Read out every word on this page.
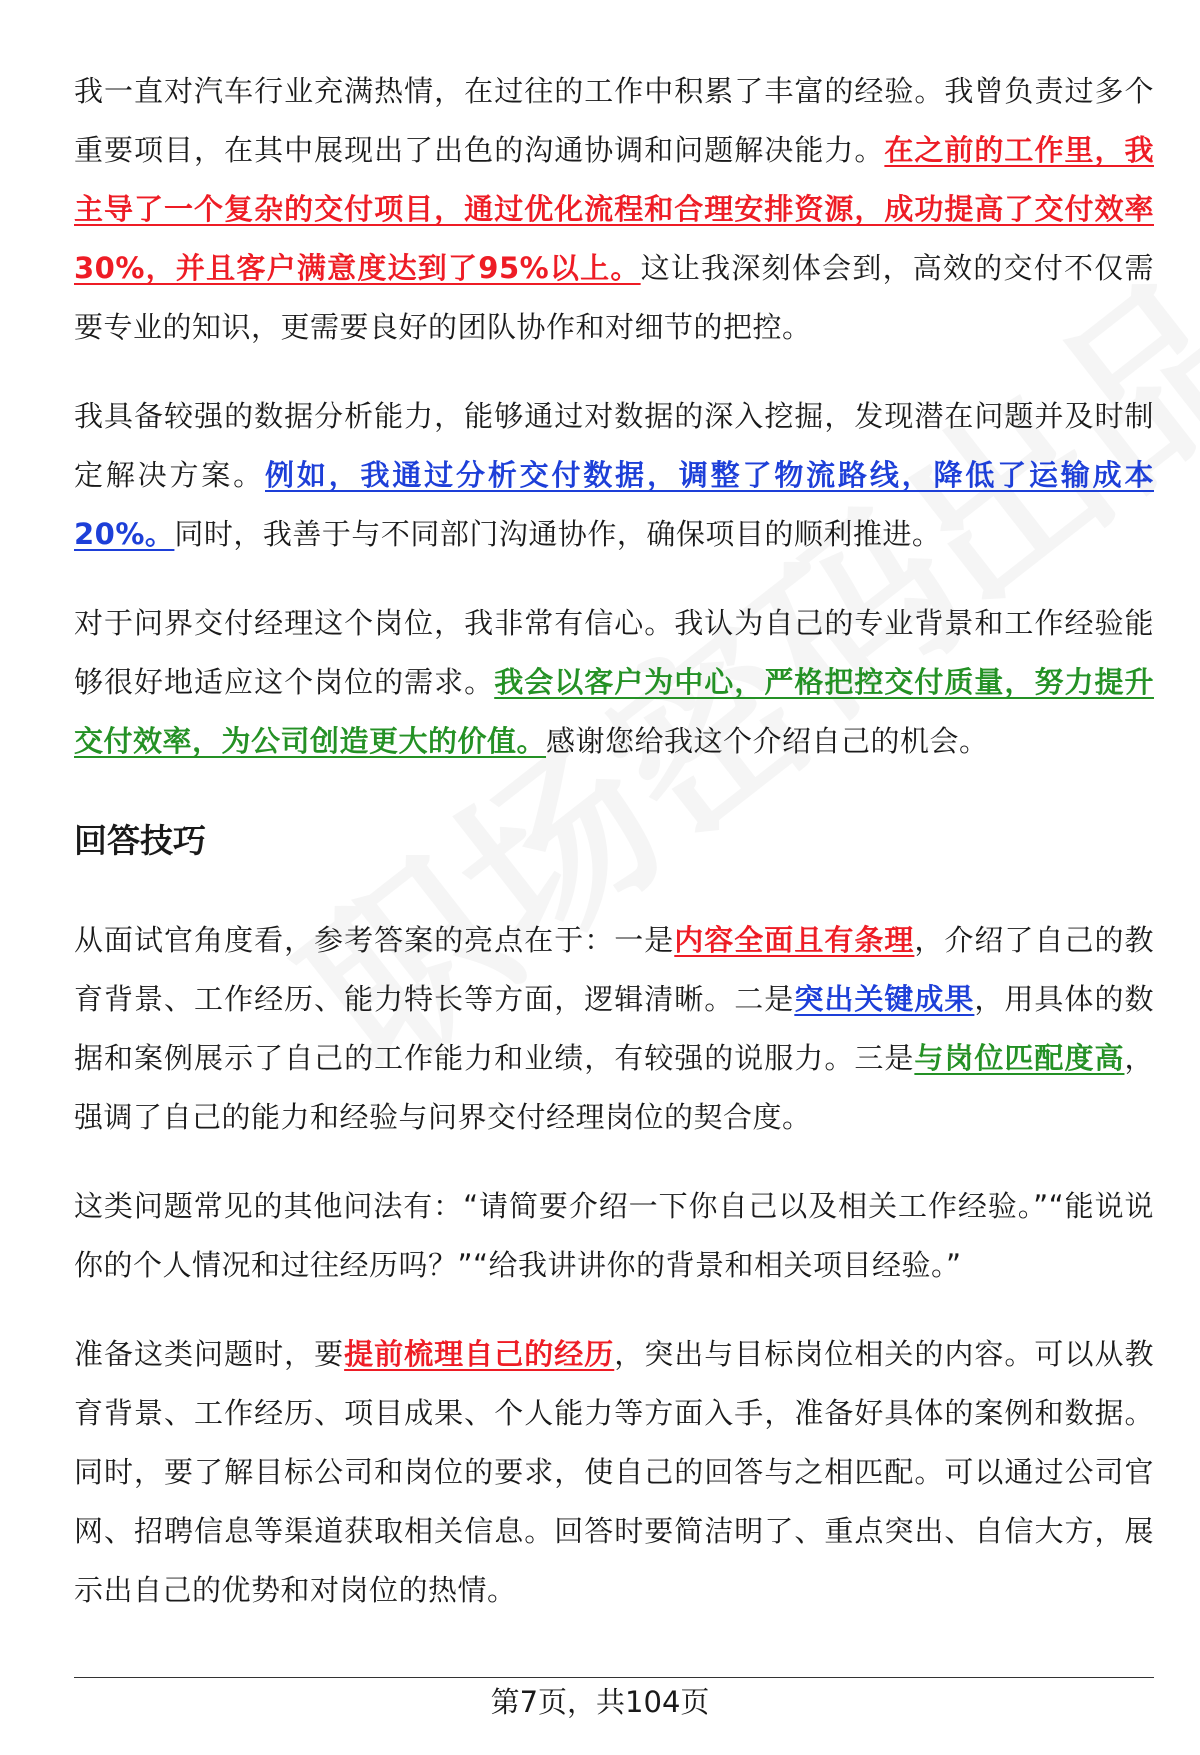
我一直对汽车行业充满热情，在过往的工作中积累了丰富的经验。我曾负责过多个重要项目，在其中展现出了出色的沟通协调和问题解决能力。在之前的工作里，我主导了一个复杂的交付项目，通过优化流程和合理安排资源，成功提高了交付效率30%，并且客户满意度达到了95%以上。这让我深刻体会到，高效的交付不仅需要专业的知识，更需要良好的团队协作和对细节的把控。

我具备较强的数据分析能力，能够通过对数据的深入挖掘，发现潜在问题并及时制定解决方案。例如，我通过分析交付数据，调整了物流路线，降低了运输成本20%。同时，我善于与不同部门沟通协作，确保项目的顺利推进。

对于问界交付经理这个岗位，我非常有信心。我认为自己的专业背景和工作经验能够很好地适应这个岗位的需求。我会以客户为中心，严格把控交付质量，努力提升交付效率，为公司创造更大的价值。感谢您给我这个介绍自己的机会。

回答技巧

从面试官角度看，参考答案的亮点在于：一是内容全面且有条理，介绍了自己的教育背景、工作经历、能力特长等方面，逻辑清晰。二是突出关键成果，用具体的数据和案例展示了自己的工作能力和业绩，有较强的说服力。三是与岗位匹配度高，强调了自己的能力和经验与问界交付经理岗位的契合度。

这类问题常见的其他问法有：“请简要介绍一下你自己以及相关工作经验。”“能说说你的个人情况和过往经历吗？”“给我讲讲你的背景和相关项目经验。”

准备这类问题时，要提前梳理自己的经历，突出与目标岗位相关的内容。可以从教育背景、工作经历、项目成果、个人能力等方面入手，准备好具体的案例和数据。同时，要了解目标公司和岗位的要求，使自己的回答与之相匹配。可以通过公司官网、招聘信息等渠道获取相关信息。回答时要简洁明了、重点突出、自信大方，展示出自己的优势和对岗位的热情。

第7页，共104页
